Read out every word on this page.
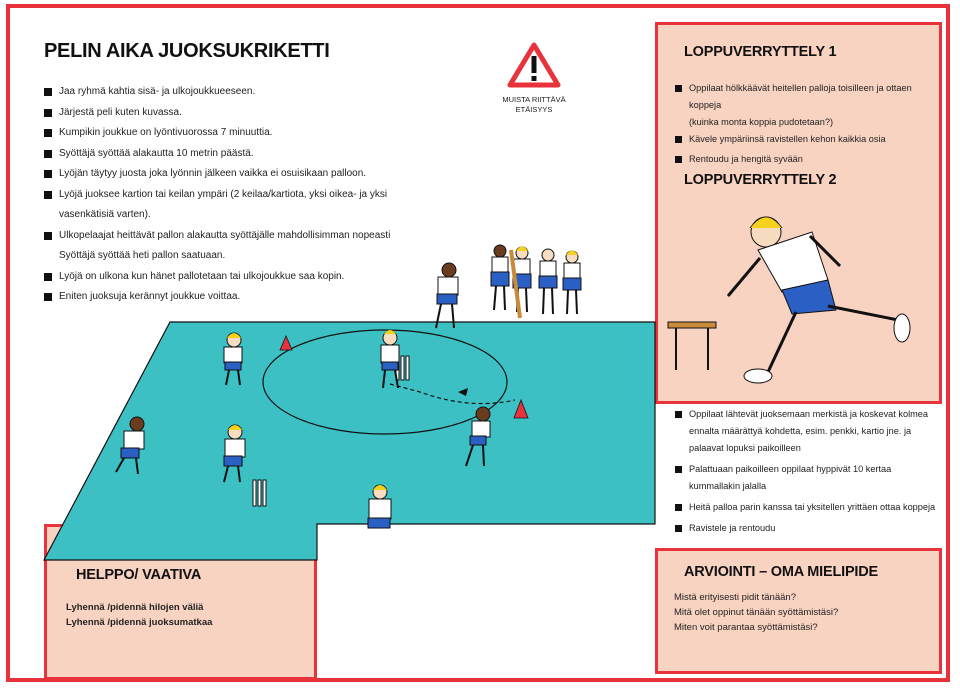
PELIN AIKA JUOKSUKRIKETTI
Jaa ryhmä kahtia sisä- ja ulkojoukkueeseen.
Järjestä peli kuten kuvassa.
Kumpikin joukkue on lyöntivuorossa 7 minuuttia.
Syöttäjä syöttää alakautta 10 metrin päästä.
Lyöjän täytyy juosta joka lyönnin jälkeen vaikka ei osuisikaan palloon.
Lyöjä juoksee kartion tai keilan ympäri (2 keilaa/kartiota, yksi oikea- ja yksi vasenkätisiä varten).
Ulkopelaajat heittävät pallon alakautta syöttäjälle mahdollisimman nopeasti Syöttäjä syöttää heti pallon saatuaan.
Lyöjä on ulkona kun hänet pallotetaan tai ulkojoukkue saa kopin.
Eniten juoksuja kerännyt joukkue voittaa.
MUISTA RIITTÄVÄ
ETÄISYYS
LOPPUVERRYTTELY 1
Oppilaat hölkkäävät heitellen palloja toisilleen ja ottaen
koppeja
(kuinka monta koppia pudotetaan?)
Kävele ympäriinsä ravistellen kehon kaikkia osia
Rentoudu ja hengitä syvään
LOPPUVERRYTTELY 2
Oppilaat lähtevät juoksemaan merkistä ja koskevat kolmea
ennalta määrättyä kohdetta, esim. penkki, kartio jne. ja
palaavat lopuksi paikoilleen
Palattuaan paikoilleen oppilaat hyppivät 10 kertaa
kummallakin jalalla
Heitä palloa parin kanssa tai yksitellen yrittäen ottaa koppeja
Ravistele ja rentoudu
HELPPO/ VAATIVA
Lyhennä /pidennä hilojen väliä
Lyhennä /pidennä juoksumatkaa
ARVIOINTI – OMA MIELIPIDE
Mistä erityisesti pidit tänään?
Mitä olet oppinut tänään syöttämistäsi?
Miten voit parantaa syöttämistäsi?
